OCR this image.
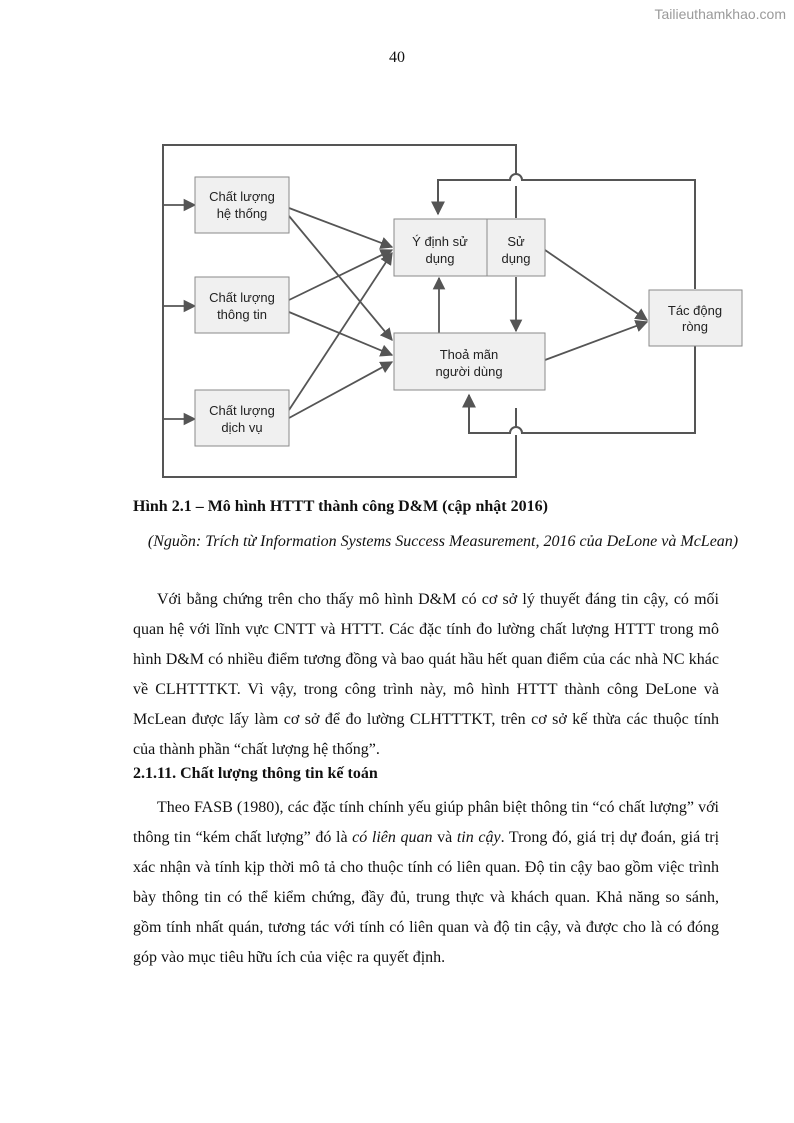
Tailieuthamkhao.com
40
Chất lượng
hệ thống
Chất lượng
thông tin
Chất lượng
dịch vụ
Ý định sử
dụng
Sử
dụng
Thoả mãn
người dùng
Tác động
ròng
Hình 2.1 – Mô hình HTTT thành công D&M (cập nhật 2016)
(Nguồn: Trích từ Information Systems Success Measurement, 2016 của DeLone và McLean)
Với bằng chứng trên cho thấy mô hình D&M có cơ sở lý thuyết đáng tin cậy, có mối quan hệ với lĩnh vực CNTT và HTTT. Các đặc tính đo lường chất lượng HTTT trong mô hình D&M có nhiều điểm tương đồng và bao quát hầu hết quan điểm của các nhà NC khác về CLHTTTKT. Vì vậy, trong công trình này, mô hình HTTT thành công DeLone và McLean được lấy làm cơ sở để đo lường CLHTTTKT, trên cơ sở kế thừa các thuộc tính của thành phần “chất lượng hệ thống”.
2.1.11. Chất lượng thông tin kế toán
Theo FASB (1980), các đặc tính chính yếu giúp phân biệt thông tin “có chất lượng” với thông tin “kém chất lượng” đó là có liên quan và tin cậy. Trong đó, giá trị dự đoán, giá trị xác nhận và tính kịp thời mô tả cho thuộc tính có liên quan. Độ tin cậy bao gồm việc trình bày thông tin có thể kiểm chứng, đầy đủ, trung thực và khách quan. Khả năng so sánh, gồm tính nhất quán, tương tác với tính có liên quan và độ tin cậy, và được cho là có đóng góp vào mục tiêu hữu ích của việc ra quyết định.
